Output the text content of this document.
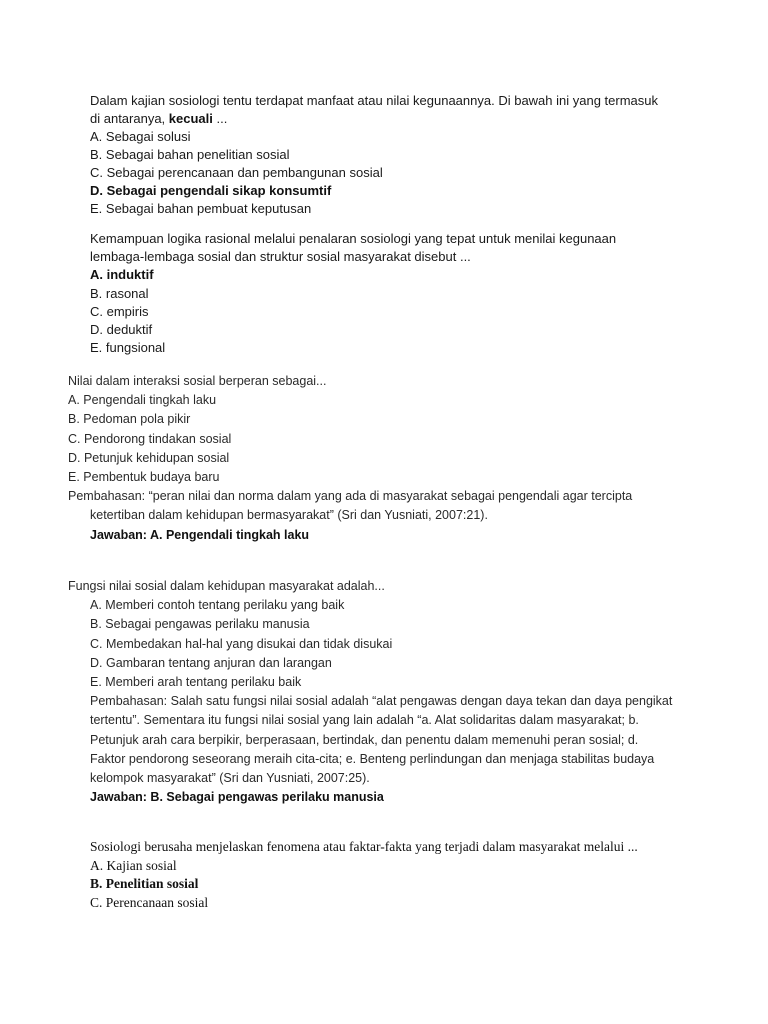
Dalam kajian sosiologi tentu terdapat manfaat atau nilai kegunaannya. Di bawah ini yang termasuk
di antaranya, kecuali ...
A. Sebagai solusi
B. Sebagai bahan penelitian sosial
C. Sebagai perencanaan dan pembangunan sosial
D. Sebagai pengendali sikap konsumtif
E. Sebagai bahan pembuat keputusan
Kemampuan logika rasional melalui penalaran sosiologi yang tepat untuk menilai kegunaan
lembaga-lembaga sosial dan struktur sosial masyarakat disebut ...
A. induktif
B. rasonal
C. empiris
D. deduktif
E. fungsional
Nilai dalam interaksi sosial berperan sebagai...
A. Pengendali tingkah laku
B. Pedoman pola pikir
C. Pendorong tindakan sosial
D. Petunjuk kehidupan sosial
E. Pembentuk budaya baru
Pembahasan: “peran nilai dan norma dalam yang ada di masyarakat sebagai pengendali agar tercipta
ketertiban dalam kehidupan bermasyarakat” (Sri dan Yusniati, 2007:21).
Jawaban: A. Pengendali tingkah laku
Fungsi nilai sosial dalam kehidupan masyarakat adalah...
A. Memberi contoh tentang perilaku yang baik
B. Sebagai pengawas perilaku manusia
C. Membedakan hal-hal yang disukai dan tidak disukai
D. Gambaran tentang anjuran dan larangan
E. Memberi arah tentang perilaku baik
Pembahasan: Salah satu fungsi nilai sosial adalah “alat pengawas dengan daya tekan dan daya pengikat
tertentu”. Sementara itu fungsi nilai sosial yang lain adalah “a. Alat solidaritas dalam masyarakat; b.
Petunjuk arah cara berpikir, berperasaan, bertindak, dan penentu dalam memenuhi peran sosial; d.
Faktor pendorong seseorang meraih cita-cita; e. Benteng perlindungan dan menjaga stabilitas budaya
kelompok masyarakat” (Sri dan Yusniati, 2007:25).
Jawaban: B. Sebagai pengawas perilaku manusia
Sosiologi berusaha menjelaskan fenomena atau faktar-fakta yang terjadi dalam masyarakat melalui ...
A. Kajian sosial
B. Penelitian sosial
C. Perencanaan sosial
